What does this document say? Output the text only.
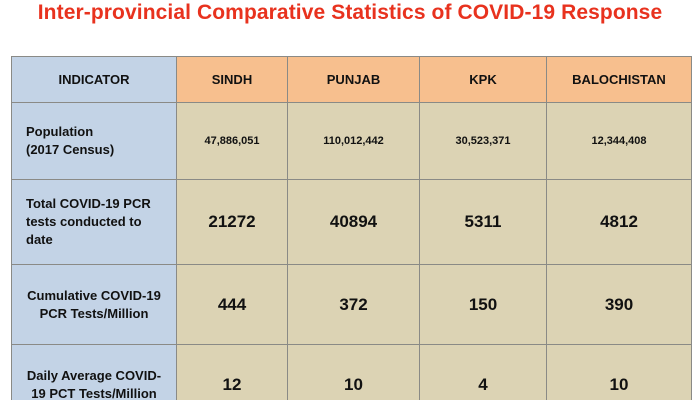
Inter-provincial Comparative Statistics of COVID-19 Response
INDICATOR	SINDH	PUNJAB	KPK	BALOCHISTAN

Population
(2017 Census)	47,886,051	110,012,442	30,523,371	12,344,408

Total COVID-19 PCR
tests conducted to
date	21272	40894	5311	4812

Cumulative COVID-19
PCR Tests/Million	444	372	150	390

Daily Average COVID-
19 PCT Tests/Million	12	10	4	10
